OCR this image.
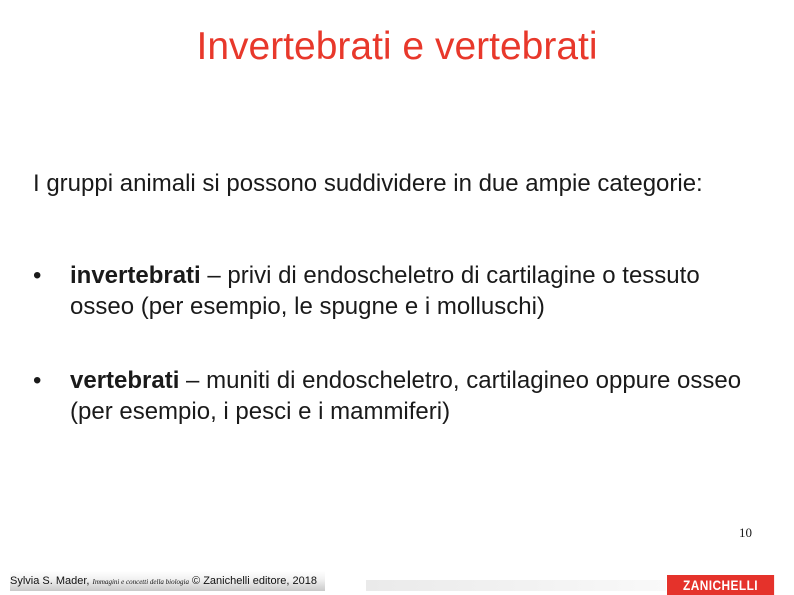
Invertebrati e vertebrati

I gruppi animali si possono suddividere in due ampie categorie:

•	invertebrati – privi di endoscheletro di cartilagine o tessuto osseo (per esempio, le spugne e i molluschi)
•	vertebrati – muniti di endoscheletro, cartilagineo oppure osseo (per esempio, i pesci e i mammiferi)
10
Sylvia S. Mader, Immagini e concetti della biologia © Zanichelli editore, 2018	ZANICHELLI
